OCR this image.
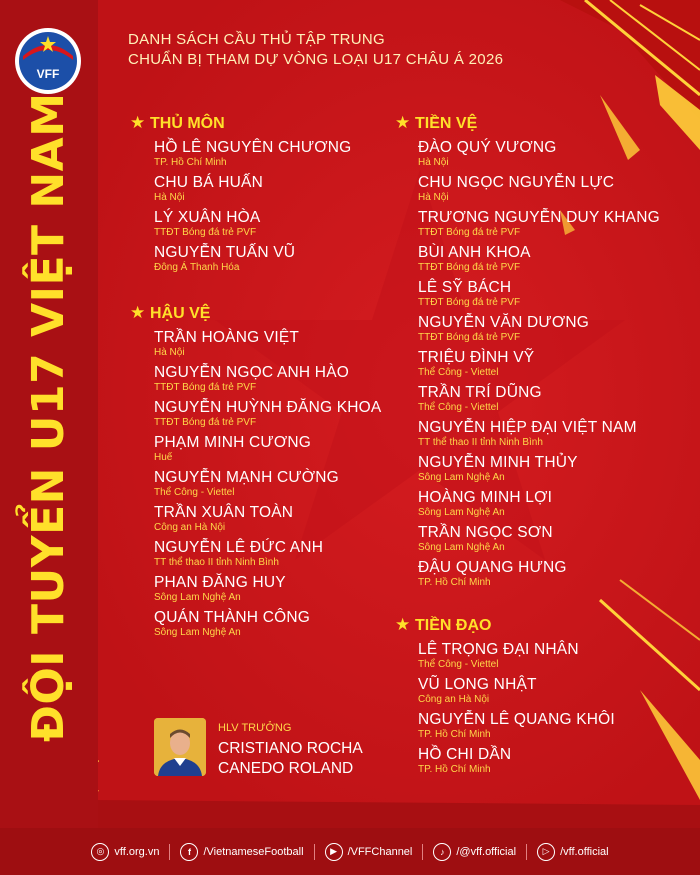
VFF
ĐỘI TUYỂN U17 VIỆT NAM
DANH SÁCH CẦU THỦ TẬP TRUNG
CHUẨN BỊ THAM DỰ VÒNG LOẠI U17 CHÂU Á 2026
★ THỦ MÔN
HỒ LÊ NGUYÊN CHƯƠNG
TP. Hồ Chí Minh
CHU BÁ HUẤN
Hà Nội
LÝ XUÂN HÒA
TTĐT Bóng đá trẻ PVF
NGUYỄN TUẤN VŨ
Đông Á Thanh Hóa
★ HẬU VỆ
TRẦN HOÀNG VIỆT
Hà Nội
NGUYỄN NGỌC ANH HÀO
TTĐT Bóng đá trẻ PVF
NGUYỄN HUỲNH ĐĂNG KHOA
TTĐT Bóng đá trẻ PVF
PHẠM MINH CƯƠNG
Huế
NGUYỄN MẠNH CƯỜNG
Thể Công - Viettel
TRẦN XUÂN TOÀN
Công an Hà Nội
NGUYỄN LÊ ĐỨC ANH
TT thể thao II tỉnh Ninh Bình
PHAN ĐĂNG HUY
Sông Lam Nghệ An
QUÁN THÀNH CÔNG
Sông Lam Nghệ An
★ TIỀN VỆ
ĐÀO QUÝ VƯƠNG
Hà Nội
CHU NGỌC NGUYỄN LỰC
Hà Nội
TRƯƠNG NGUYỄN DUY KHANG
TTĐT Bóng đá trẻ PVF
BÙI ANH KHOA
TTĐT Bóng đá trẻ PVF
LÊ SỸ BÁCH
TTĐT Bóng đá trẻ PVF
NGUYỄN VĂN DƯƠNG
TTĐT Bóng đá trẻ PVF
TRIỆU ĐÌNH VỸ
Thể Công - Viettel
TRẦN TRÍ DŨNG
Thể Công - Viettel
NGUYỄN HIỆP ĐẠI VIỆT NAM
TT thể thao II tỉnh Ninh Bình
NGUYỄN MINH THỦY
Sông Lam Nghệ An
HOÀNG MINH LỢI
Sông Lam Nghệ An
TRẦN NGỌC SƠN
Sông Lam Nghệ An
ĐẬU QUANG HƯNG
TP. Hồ Chí Minh
★ TIỀN ĐẠO
LÊ TRỌNG ĐẠI NHÂN
Thể Công - Viettel
VŨ LONG NHẬT
Công an Hà Nội
NGUYỄN LÊ QUANG KHÔI
TP. Hồ Chí Minh
HỒ CHI DẦN
TP. Hồ Chí Minh
HLV TRƯỞNG
CRISTIANO ROCHA
CANEDO ROLAND
◎ vff.org.vn	f	/VietnameseFootball	▶ /VFFChannel	♪	/@vff.official	▷ /vff.official
